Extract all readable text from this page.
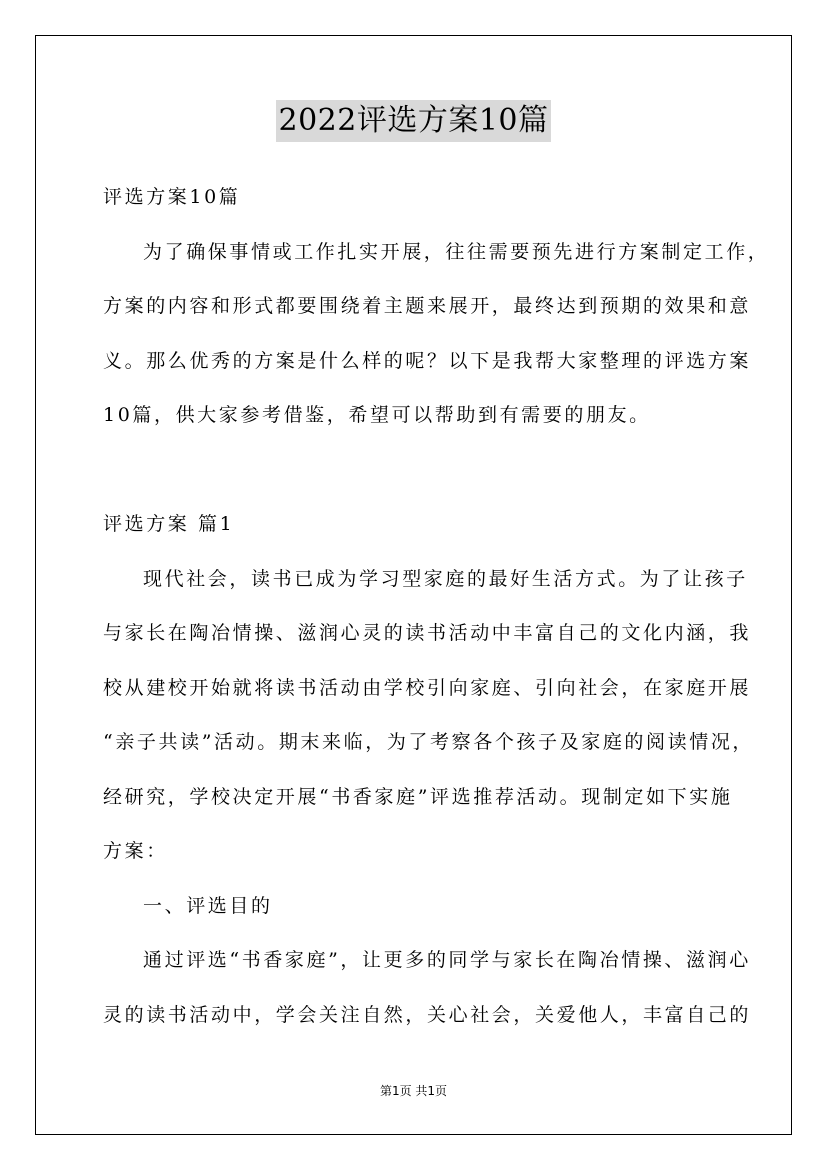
2022评选方案10篇
评选方案10篇
为了确保事情或工作扎实开展，往往需要预先进行方案制定工作，
方案的内容和形式都要围绕着主题来展开，最终达到预期的效果和意
义。那么优秀的方案是什么样的呢？以下是我帮大家整理的评选方案
10篇，供大家参考借鉴，希望可以帮助到有需要的朋友。
评选方案 篇1
现代社会，读书已成为学习型家庭的最好生活方式。为了让孩子
与家长在陶冶情操、滋润心灵的读书活动中丰富自己的文化内涵，我
校从建校开始就将读书活动由学校引向家庭、引向社会，在家庭开展
“亲子共读”活动。期末来临，为了考察各个孩子及家庭的阅读情况，
经研究，学校决定开展“书香家庭”评选推荐活动。现制定如下实施
方案：
一、评选目的
通过评选“书香家庭”，让更多的同学与家长在陶冶情操、滋润心
灵的读书活动中，学会关注自然，关心社会，关爱他人，丰富自己的
第1页 共1页
